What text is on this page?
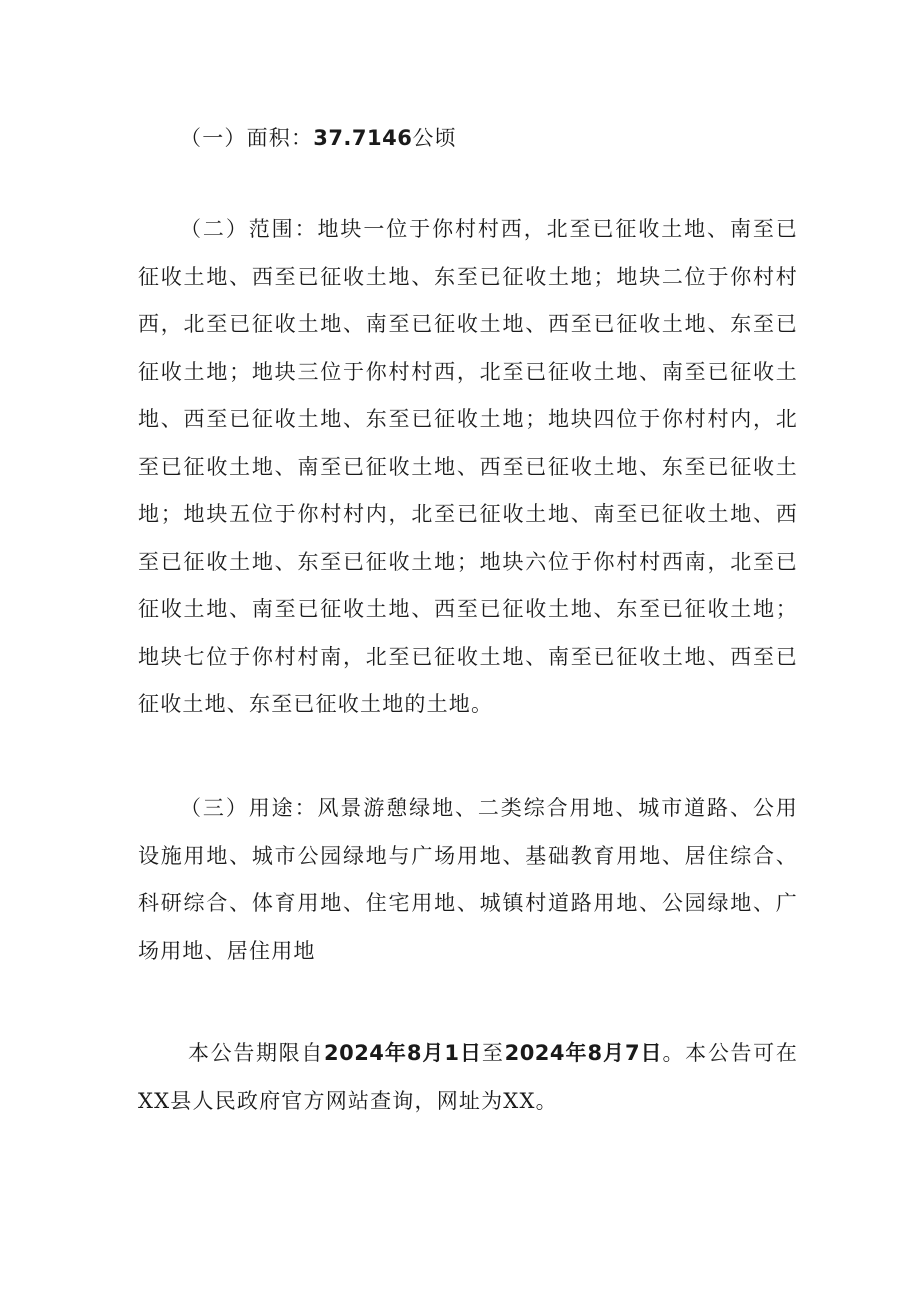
（一）面积：37.7146公顷

（二）范围：地块一位于你村村西，北至已征收土地、南至已征收土地、西至已征收土地、东至已征收土地；地块二位于你村村西，北至已征收土地、南至已征收土地、西至已征收土地、东至已征收土地；地块三位于你村村西，北至已征收土地、南至已征收土地、西至已征收土地、东至已征收土地；地块四位于你村村内，北至已征收土地、南至已征收土地、西至已征收土地、东至已征收土地；地块五位于你村村内，北至已征收土地、南至已征收土地、西至已征收土地、东至已征收土地；地块六位于你村村西南，北至已征收土地、南至已征收土地、西至已征收土地、东至已征收土地；地块七位于你村村南，北至已征收土地、南至已征收土地、西至已征收土地、东至已征收土地的土地。

（三）用途：风景游憩绿地、二类综合用地、城市道路、公用设施用地、城市公园绿地与广场用地、基础教育用地、居住综合、科研综合、体育用地、住宅用地、城镇村道路用地、公园绿地、广场用地、居住用地

本公告期限自2024年8月1日至2024年8月7日。本公告可在XX县人民政府官方网站查询，网址为XX。
